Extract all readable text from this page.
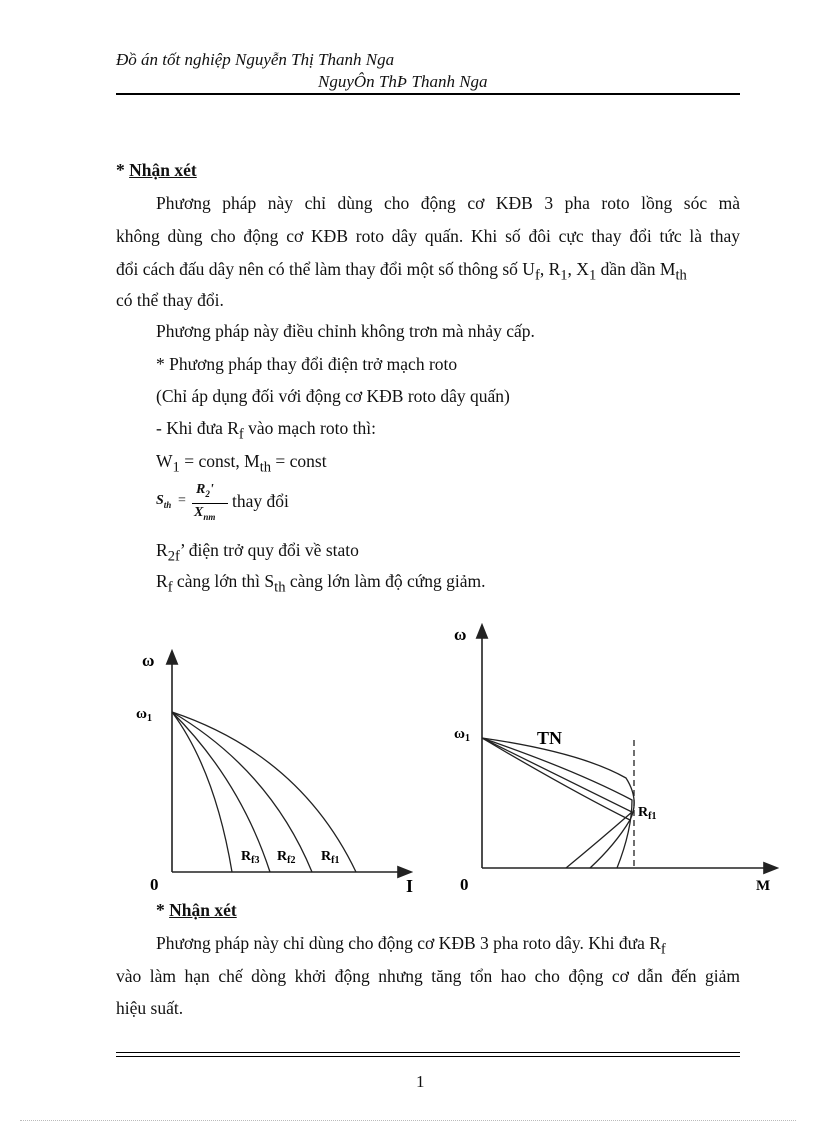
Đồ án tốt nghiệp Nguyễn Thị Thanh Nga
NguyÔn ThÞ Thanh Nga
* Nhận xét
Phương pháp này chỉ dùng cho động cơ KĐB 3 pha roto lồng sóc mà
không dùng cho động cơ KĐB roto dây quấn. Khi số đôi cực thay đổi tức là thay
đổi cách đấu dây nên có thể làm thay đổi một số thông số $U_f$, $R_1$, $X_1$ dần dần $M_{th}$
có thể thay đổi.
Phương pháp này điều chỉnh không trơn mà nhảy cấp.
* Phương pháp thay đổi điện trở mạch roto
(Chỉ áp dụng đối với động cơ KĐB roto dây quấn)
- Khi đưa $R_f$ vào mạch roto thì:
$W_1$ = const, $M_{th}$ = const
$S_{th}$ =
$R_2'$
$X_{nm}$
thay đổi
$R_{2f}$’ điện trở quy đổi về stato
$R_f$ càng lớn thì $S_{th}$ càng lớn làm độ cứng giảm.
ω
$\omega_1$
0	I
$R_{f3}$ $R_{f2}$ $R_{f1}$
ω
$\omega_1$	TN
$R_{f1}$
0	M
* Nhận xét
Phương pháp này chỉ dùng cho động cơ KĐB 3 pha roto dây. Khi đưa $R_f$
vào làm hạn chế dòng khởi động nhưng tăng tổn hao cho động cơ dẫn đến giảm
hiệu suất.
1
